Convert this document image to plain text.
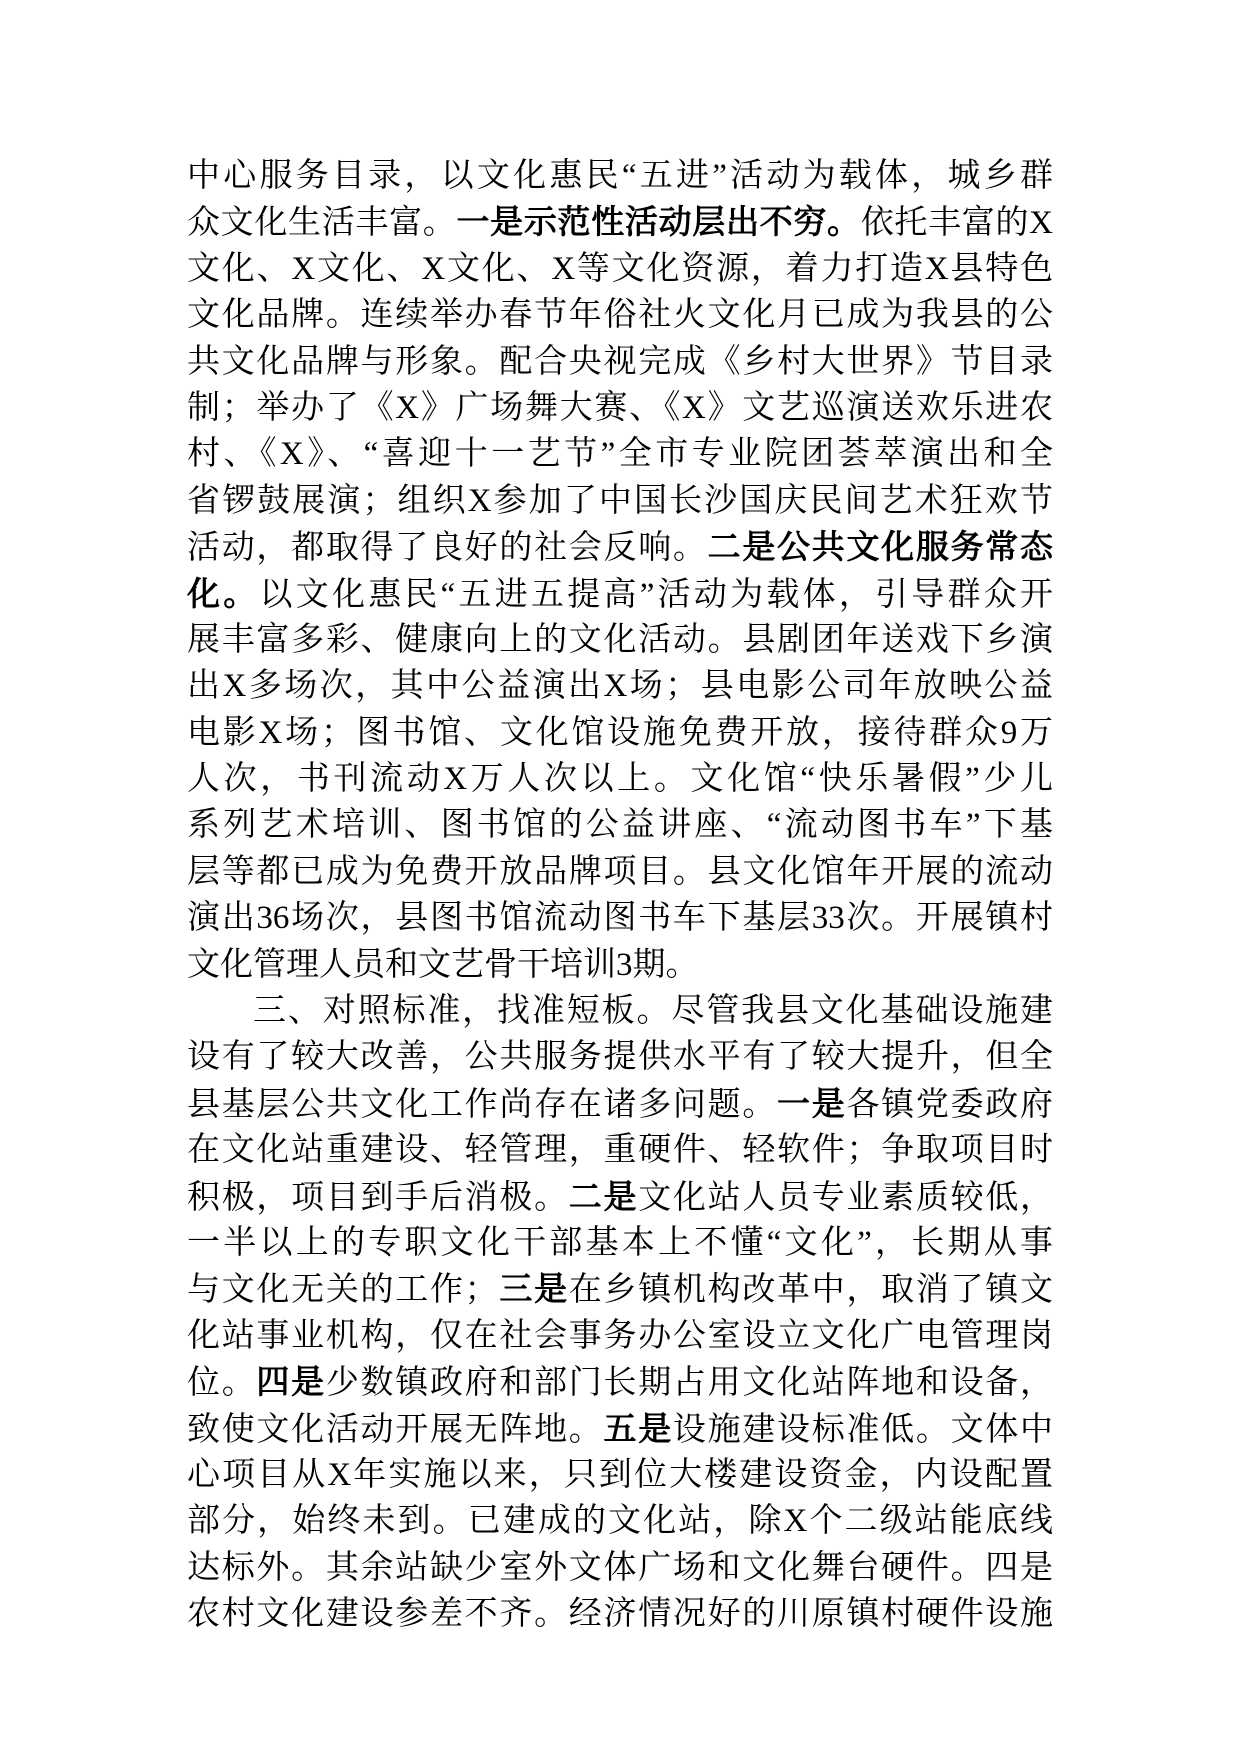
中心服务目录，以文化惠民“五进”活动为载体，城乡群
众文化生活丰富。一是示范性活动层出不穷。依托丰富的X
文化、X文化、X文化、X等文化资源，着力打造X县特色
文化品牌。连续举办春节年俗社火文化月已成为我县的公
共文化品牌与形象。配合央视完成《乡村大世界》节目录
制；举办了《X》广场舞大赛、《X》文艺巡演送欢乐进农
村、《X》、“喜迎十一艺节”全市专业院团荟萃演出和全
省锣鼓展演；组织X参加了中国长沙国庆民间艺术狂欢节
活动，都取得了良好的社会反响。二是公共文化服务常态
化。以文化惠民“五进五提高”活动为载体，引导群众开
展丰富多彩、健康向上的文化活动。县剧团年送戏下乡演
出X多场次，其中公益演出X场；县电影公司年放映公益
电影X场；图书馆、文化馆设施免费开放，接待群众9万
人次，书刊流动X万人次以上。文化馆“快乐暑假”少儿
系列艺术培训、图书馆的公益讲座、“流动图书车”下基
层等都已成为免费开放品牌项目。县文化馆年开展的流动
演出36场次，县图书馆流动图书车下基层33次。开展镇村
文化管理人员和文艺骨干培训3期。
三、对照标准，找准短板。尽管我县文化基础设施建
设有了较大改善，公共服务提供水平有了较大提升，但全
县基层公共文化工作尚存在诸多问题。一是各镇党委政府
在文化站重建设、轻管理，重硬件、轻软件；争取项目时
积极，项目到手后消极。二是文化站人员专业素质较低，
一半以上的专职文化干部基本上不懂“文化”，长期从事
与文化无关的工作；三是在乡镇机构改革中，取消了镇文
化站事业机构，仅在社会事务办公室设立文化广电管理岗
位。四是少数镇政府和部门长期占用文化站阵地和设备，
致使文化活动开展无阵地。五是设施建设标准低。文体中
心项目从X年实施以来，只到位大楼建设资金，内设配置
部分，始终未到。已建成的文化站，除X个二级站能底线
达标外。其余站缺少室外文体广场和文化舞台硬件。四是
农村文化建设参差不齐。经济情况好的川原镇村硬件设施
